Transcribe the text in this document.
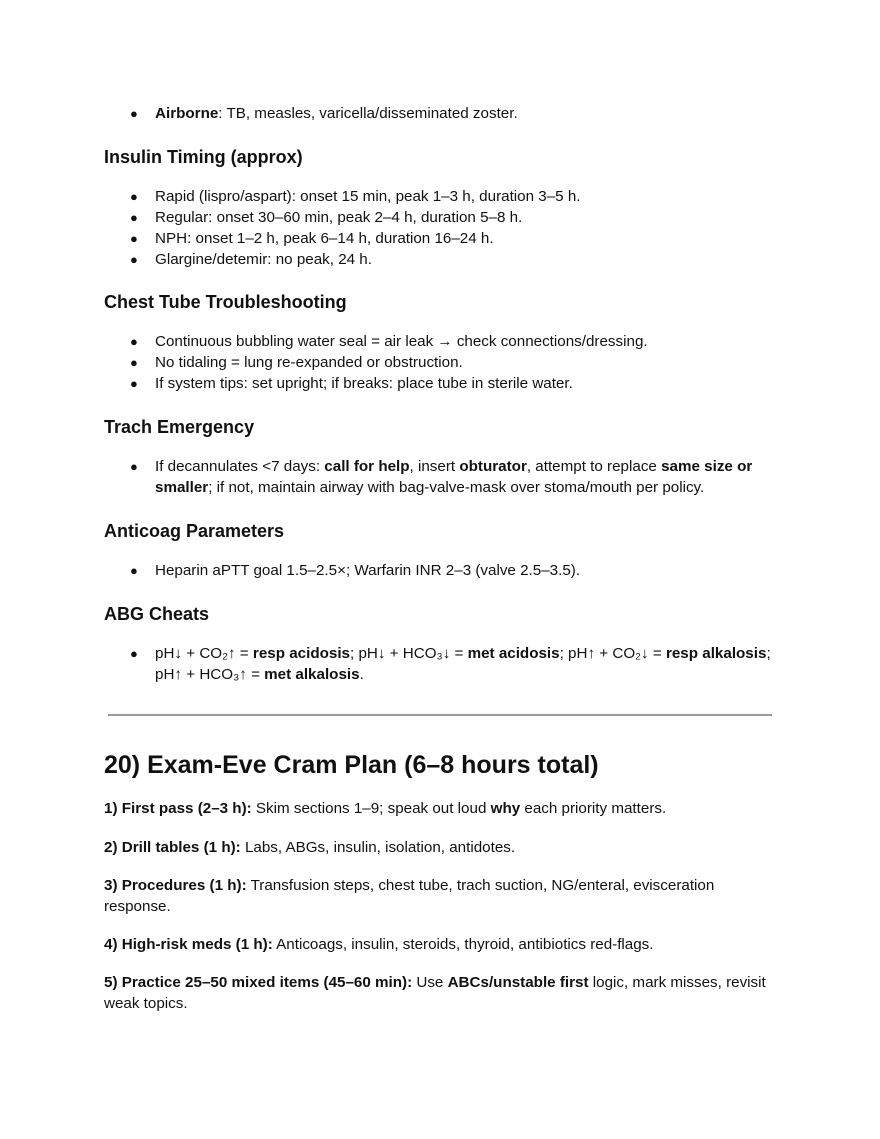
● Airborne: TB, measles, varicella/disseminated zoster.
Insulin Timing (approx)
● Rapid (lispro/aspart): onset 15 min, peak 1–3 h, duration 3–5 h.
● Regular: onset 30–60 min, peak 2–4 h, duration 5–8 h.
● NPH: onset 1–2 h, peak 6–14 h, duration 16–24 h.
● Glargine/detemir: no peak, 24 h.
Chest Tube Troubleshooting
● Continuous bubbling water seal = air leak → check connections/dressing.
● No tidaling = lung re‑expanded or obstruction.
● If system tips: set upright; if breaks: place tube in sterile water.
Trach Emergency
● If decannulates <7 days: call for help, insert obturator, attempt to replace same size or smaller; if not, maintain airway with bag‑valve‑mask over stoma/mouth per policy.
Anticoag Parameters
● Heparin aPTT goal 1.5–2.5×; Warfarin INR 2–3 (valve 2.5–3.5).
ABG Cheats
● pH↓ + CO₂↑ = resp acidosis; pH↓ + HCO₃↓ = met acidosis; pH↑ + CO₂↓ = resp alkalosis; pH↑ + HCO₃↑ = met alkalosis.
20) Exam‑Eve Cram Plan (6–8 hours total)

1) First pass (2–3 h): Skim sections 1–9; speak out loud why each priority matters.

2) Drill tables (1 h): Labs, ABGs, insulin, isolation, antidotes.

3) Procedures (1 h): Transfusion steps, chest tube, trach suction, NG/enteral, evisceration response.

4) High‑risk meds (1 h): Anticoags, insulin, steroids, thyroid, antibiotics red‑flags.

5) Practice 25–50 mixed items (45–60 min): Use ABCs/unstable first logic, mark misses, revisit weak topics.
